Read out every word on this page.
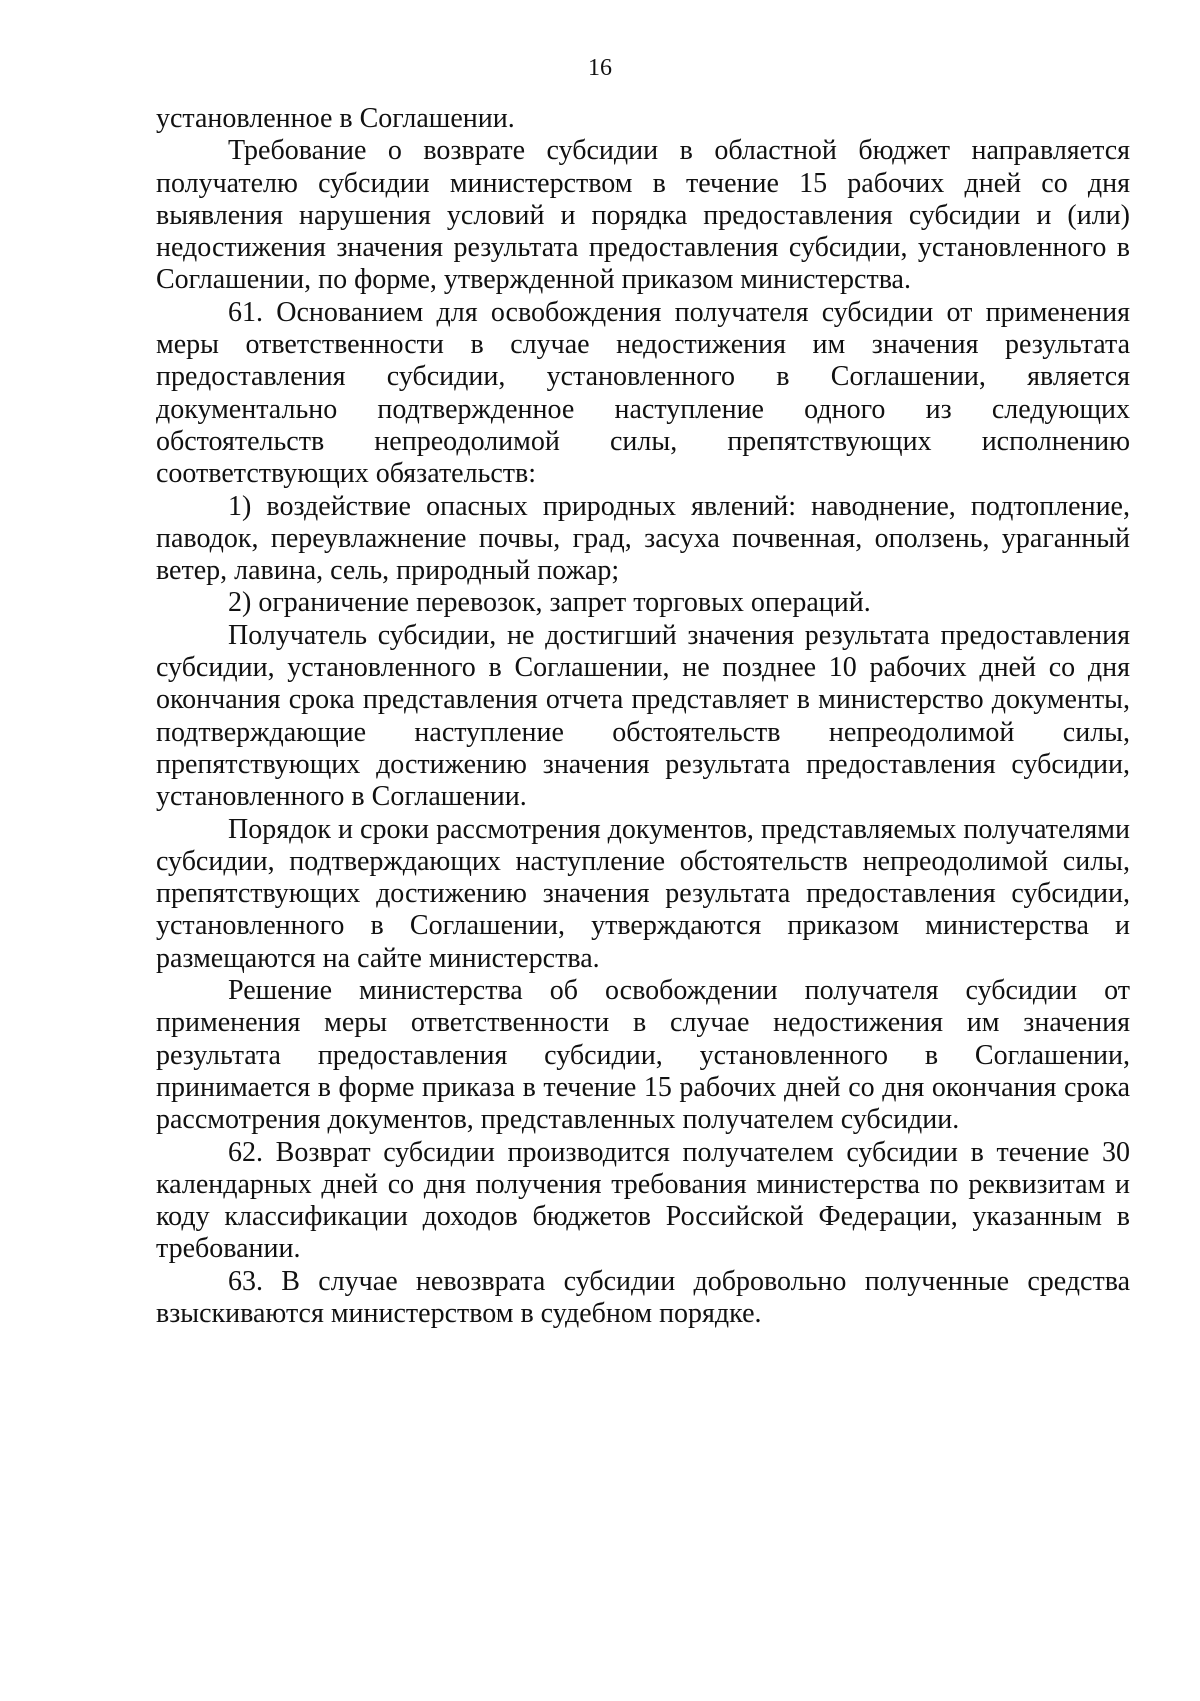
16

установленное в Соглашении.

Требование о возврате субсидии в областной бюджет направляется получателю субсидии министерством в течение 15 рабочих дней со дня выявления нарушения условий и порядка предоставления субсидии и (или) недостижения значения результата предоставления субсидии, установленного в Соглашении, по форме, утвержденной приказом министерства.

61. Основанием для освобождения получателя субсидии от применения меры ответственности в случае недостижения им значения результата предоставления субсидии, установленного в Соглашении, является документально подтвержденное наступление одного из следующих обстоятельств непреодолимой силы, препятствующих исполнению соответствующих обязательств:

1) воздействие опасных природных явлений: наводнение, подтопление, паводок, переувлажнение почвы, град, засуха почвенная, оползень, ураганный ветер, лавина, сель, природный пожар;

2) ограничение перевозок, запрет торговых операций.

Получатель субсидии, не достигший значения результата предоставления субсидии, установленного в Соглашении, не позднее 10 рабочих дней со дня окончания срока представления отчета представляет в министерство документы, подтверждающие наступление обстоятельств непреодолимой силы, препятствующих достижению значения результата предоставления субсидии, установленного в Соглашении.

Порядок и сроки рассмотрения документов, представляемых получателями субсидии, подтверждающих наступление обстоятельств непреодолимой силы, препятствующих достижению значения результата предоставления субсидии, установленного в Соглашении, утверждаются приказом министерства и размещаются на сайте министерства.

Решение министерства об освобождении получателя субсидии от применения меры ответственности в случае недостижения им значения результата предоставления субсидии, установленного в Соглашении, принимается в форме приказа в течение 15 рабочих дней со дня окончания срока рассмотрения документов, представленных получателем субсидии.

62. Возврат субсидии производится получателем субсидии в течение 30 календарных дней со дня получения требования министерства по реквизитам и коду классификации доходов бюджетов Российской Федерации, указанным в требовании.

63. В случае невозврата субсидии добровольно полученные средства взыскиваются министерством в судебном порядке.
